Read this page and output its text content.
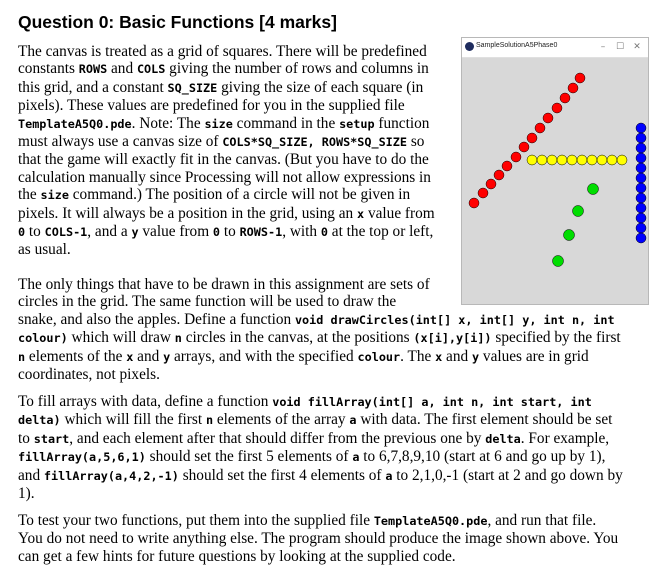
Question 0: Basic Functions [4 marks]
The canvas is treated as a grid of squares. There will be predefined
constants ROWS and COLS giving the number of rows and columns in
this grid, and a constant SQ_SIZE giving the size of each square (in
pixels). These values are predefined for you in the supplied file
TemplateA5Q0.pde. Note: The size command in the setup function
must always use a canvas size of COLS*SQ_SIZE, ROWS*SQ_SIZE so
that the game will exactly fit in the canvas. (But you have to do the
calculation manually since Processing will not allow expressions in
the size command.) The position of a circle will not be given in
pixels. It will always be a position in the grid, using an x value from
0 to COLS-1, and a y value from 0 to ROWS-1, with 0 at the top or left,
as usual.
The only things that have to be drawn in this assignment are sets of
circles in the grid. The same function will be used to draw the
snake, and also the apples. Define a function void drawCircles(int[] x, int[] y, int n, int
colour) which will draw n circles in the canvas, at the positions (x[i],y[i]) specified by the first
n elements of the x and y arrays, and with the specified colour. The x and y values are in grid
coordinates, not pixels.
To fill arrays with data, define a function void fillArray(int[] a, int n, int start, int
delta) which will fill the first n elements of the array a with data. The first element should be set
to start, and each element after that should differ from the previous one by delta. For example,
fillArray(a,5,6,1) should set the first 5 elements of a to 6,7,8,9,10 (start at 6 and go up by 1),
and fillArray(a,4,2,-1) should set the first 4 elements of a to 2,1,0,-1 (start at 2 and go down by
1).
To test your two functions, put them into the supplied file TemplateA5Q0.pde, and run that file.
You do not need to write anything else. The program should produce the image shown above. You
can get a few hints for future questions by looking at the supplied code.
SampleSolutionA5Phase0	–	☐	✕
